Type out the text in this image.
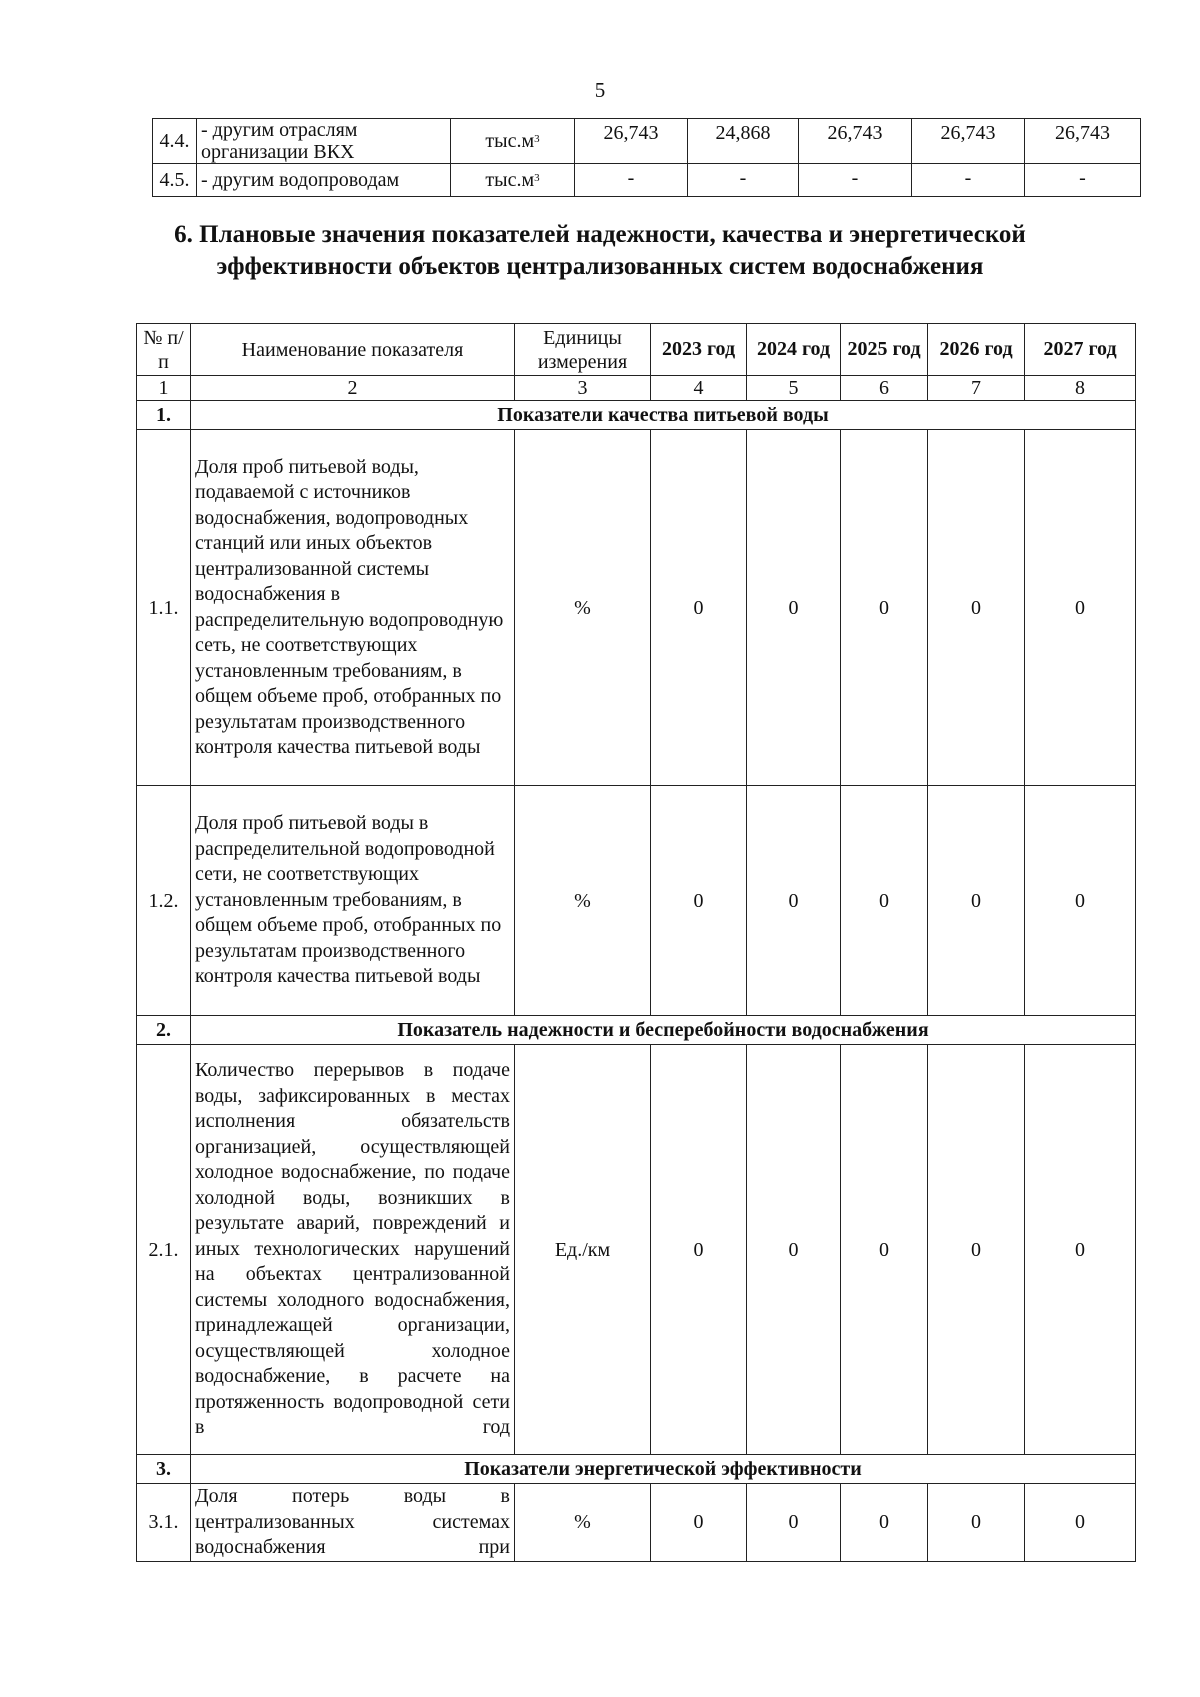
5
4.4.	- другим отраслям организации ВКХ	$тыс.м^3$	26,743	24,868	26,743	26,743	26,743
4.5.	- другим водопроводам	$тыс.м^3$	-	-	-	-	-
6. Плановые значения показателей надежности, качества и энергетической эффективности объектов централизованных систем водоснабжения
№ п/п	Наименование показателя	Единицы измерения	2023 год	2024 год	2025 год	2026 год	2027 год
1	2	3	4	5	6	7	8
1.	Показатели качества питьевой воды						
1.1.	Доля проб питьевой воды, подаваемой с источников водоснабжения, водопроводных станций или иных объектов централизованной системы водоснабжения в распределительную водопроводную сеть, не соответствующих установленным требованиям, в общем объеме проб, отобранных по результатам производственного контроля качества питьевой воды	%	0	0	0	0	0
1.2.	Доля проб питьевой воды в распределительной водопроводной сети, не соответствующих установленным требованиям, в общем объеме проб, отобранных по результатам производственного контроля качества питьевой воды	%	0	0	0	0	0
2.	Показатель надежности и бесперебойности водоснабжения						
2.1.	Количество перерывов в подаче воды, зафиксированных в местах исполнения обязательств организацией, осуществляющей холодное водоснабжение, по подаче холодной воды, возникших в результате аварий, повреждений и иных технологических нарушений на объектах централизованной системы холодного водоснабжения, принадлежащей организации, осуществляющей холодное водоснабжение, в расчете на протяженность водопроводной сети в год	Ед./км	0	0	0	0	0
3.	Показатели энергетической эффективности						
3.1.	Доля потерь воды в централизованных системах водоснабжения при	%	0	0	0	0	0
